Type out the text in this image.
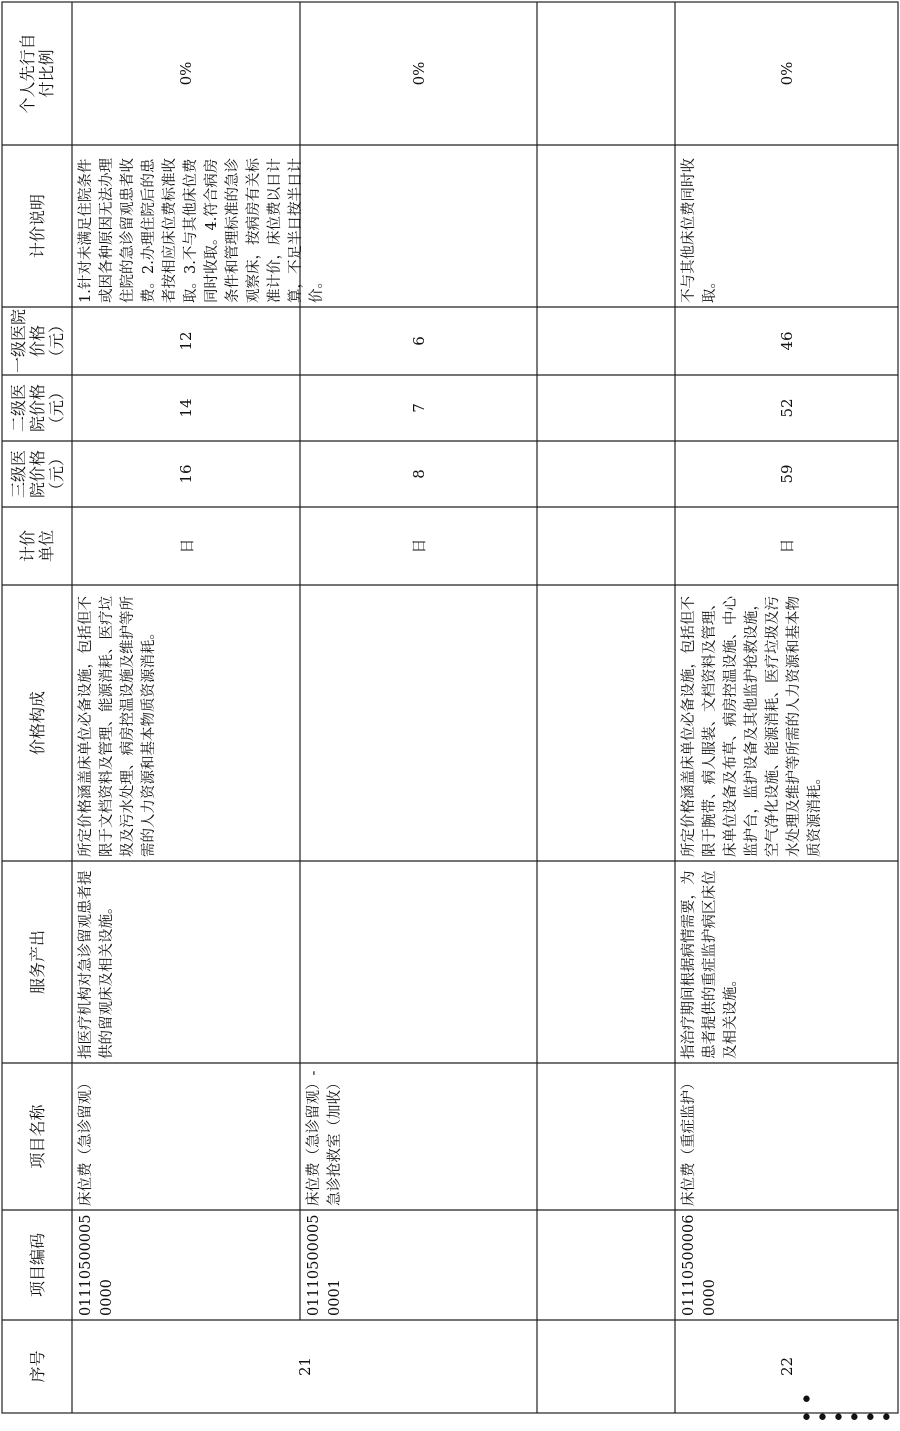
序号
项目编码
项目名称
服务产出
价格构成
计价单位
三级医院价格（元）
二级医院价格（元）
一级医院价格（元）
计价说明
个人先行自付比例
21
011105000050000
床位费（急诊留观）
指医疗机构对急诊留观患者提供的留观床及相关设施。
所定价格涵盖床单位必备设施，包括但不限于文档资料及管理、能源消耗、医疗垃圾及污水处理、病房控温设施及维护等所需的人力资源和基本物质资源消耗。
日
16
14
12
1.针对未满足住院条件或因各种原因无法办理住院的急诊留观患者收费。2.办理住院后的患者按相应床位费标准收取。3.不与其他床位费同时收取。4.符合病房条件和管理标准的急诊观察床，按病房有关标准计价，床位费以日计算，不足半日按半日计价。
0%
011105000050001
床位费（急诊留观）-急诊抢救室（加收）
日
8
7
6
0%
22
011105000060000
床位费（重症监护）
指治疗期间根据病情需要，为患者提供的重症监护病区床位及相关设施。
所定价格涵盖床单位必备设施，包括但不限于腕带、病人服装、文档资料及管理、床单位设备及布草、病房控温设施、中心监护台，监护设备及其他监护抢救设施，空气净化设施、能源消耗、医疗垃圾及污水处理及维护等所需的人力资源和基本物质资源消耗。
日
59
52
46
不与其他床位费同时收取。
0%
• ••••••
